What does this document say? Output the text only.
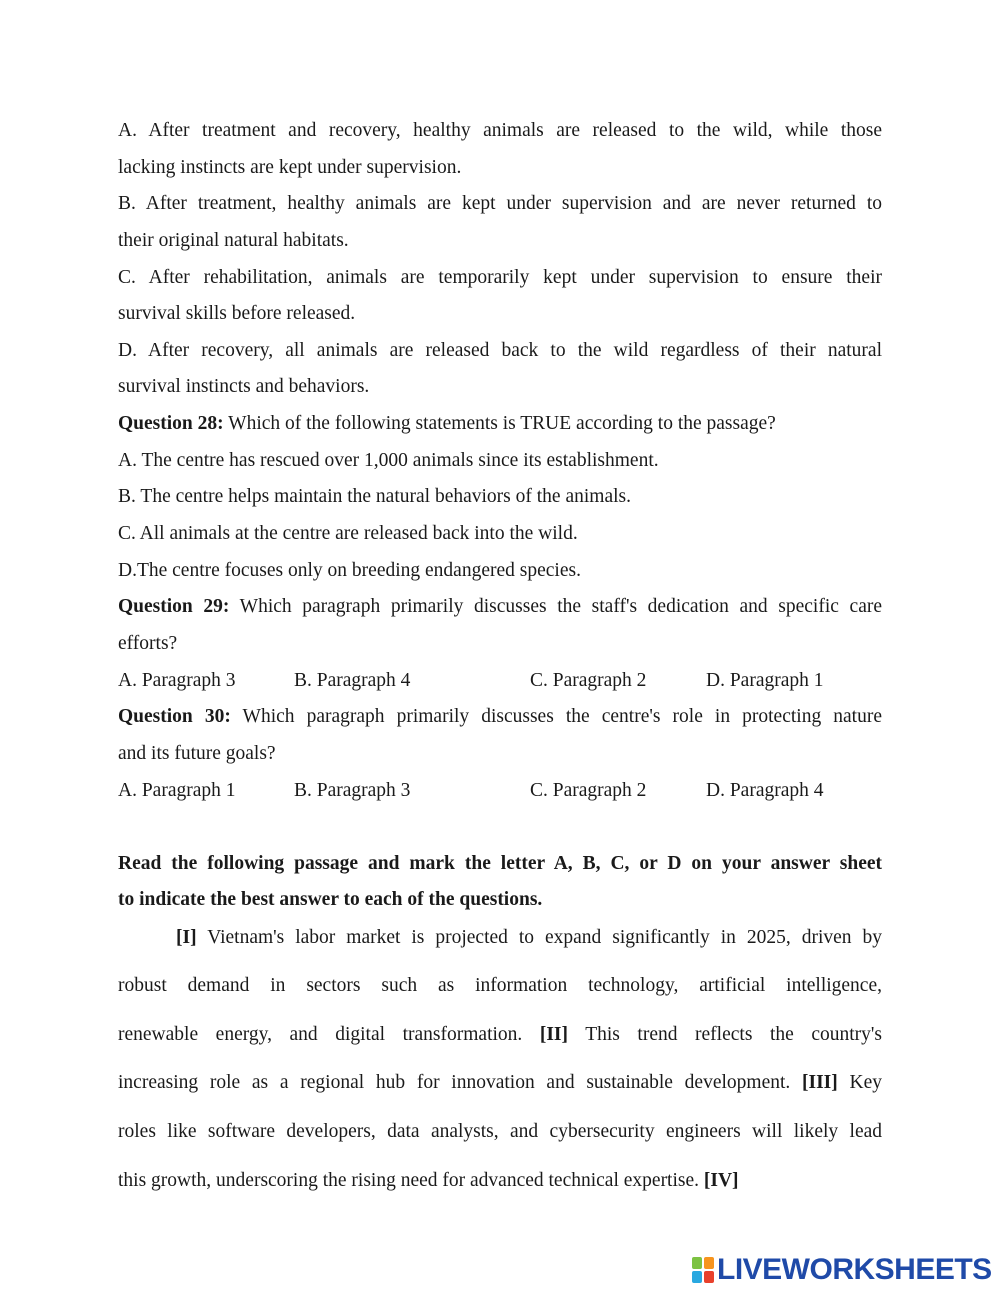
A. After treatment and recovery, healthy animals are released to the wild, while those
lacking instincts are kept under supervision.
B. After treatment, healthy animals are kept under supervision and are never returned to
their original natural habitats.
C. After rehabilitation, animals are temporarily kept under supervision to ensure their
survival skills before released.
D. After recovery, all animals are released back to the wild regardless of their natural
survival instincts and behaviors.
Question 28: Which of the following statements is TRUE according to the passage?
A. The centre has rescued over 1,000 animals since its establishment.
B. The centre helps maintain the natural behaviors of the animals.
C. All animals at the centre are released back into the wild.
D.The centre focuses only on breeding endangered species.
Question 29: Which paragraph primarily discusses the staff's dedication and specific care
efforts?
A. Paragraph 3	B. Paragraph 4	C. Paragraph 2	D. Paragraph 1
Question 30: Which paragraph primarily discusses the centre's role in protecting nature
and its future goals?
A. Paragraph 1	B. Paragraph 3	C. Paragraph 2	D. Paragraph 4
Read the following passage and mark the letter A, B, C, or D on your answer sheet
to indicate the best answer to each of the questions.
[I] Vietnam's labor market is projected to expand significantly in 2025, driven by
robust demand in sectors such as information technology, artificial intelligence,
renewable energy, and digital transformation. [II] This trend reflects the country's
increasing role as a regional hub for innovation and sustainable development. [III] Key
roles like software developers, data analysts, and cybersecurity engineers will likely lead
this growth, underscoring the rising need for advanced technical expertise. [IV]
LIVEWORKSHEETS
